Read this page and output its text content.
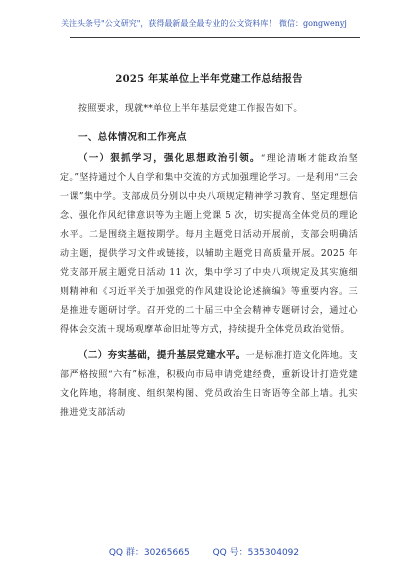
关注头条号"公文研究"，获得最新最全最专业的公文资料库！ 微信：gongwenyj
2025 年某单位上半年党建工作总结报告

按照要求，现就**单位上半年基层党建工作报告如下。

一、总体情况和工作亮点

（一）狠抓学习，强化思想政治引领。“理论清晰才能政治坚定。”坚持通过个人自学和集中交流的方式加强理论学习。一是利用“三会一课”集中学。支部成员分别以中央八项规定精神学习教育、坚定理想信念、强化作风纪律意识等为主题上党课 5 次，切实提高全体党员的理论水平。二是围绕主题按期学。每月主题党日活动开展前，支部会明确活动主题，提供学习文件或链接，以辅助主题党日高质量开展。2025 年党支部开展主题党日活动 11 次，集中学习了中央八项规定及其实施细则精神和《习近平关于加强党的作风建设论论述摘编》等重要内容。三是推进专题研讨学。召开党的二十届三中全会精神专题研讨会，通过心得体会交流＋现场观摩革命旧址等方式，持续提升全体党员政治觉悟。

（二）夯实基础，提升基层党建水平。一是标准打造文化阵地。支部严格按照“六有”标准，积极向市局申请党建经费，重新设计打造党建文化阵地，将制度、组织架构图、党员政治生日寄语等全部上墙。扎实推进党支部活动

QQ 群：30265665	QQ 号：535304092
